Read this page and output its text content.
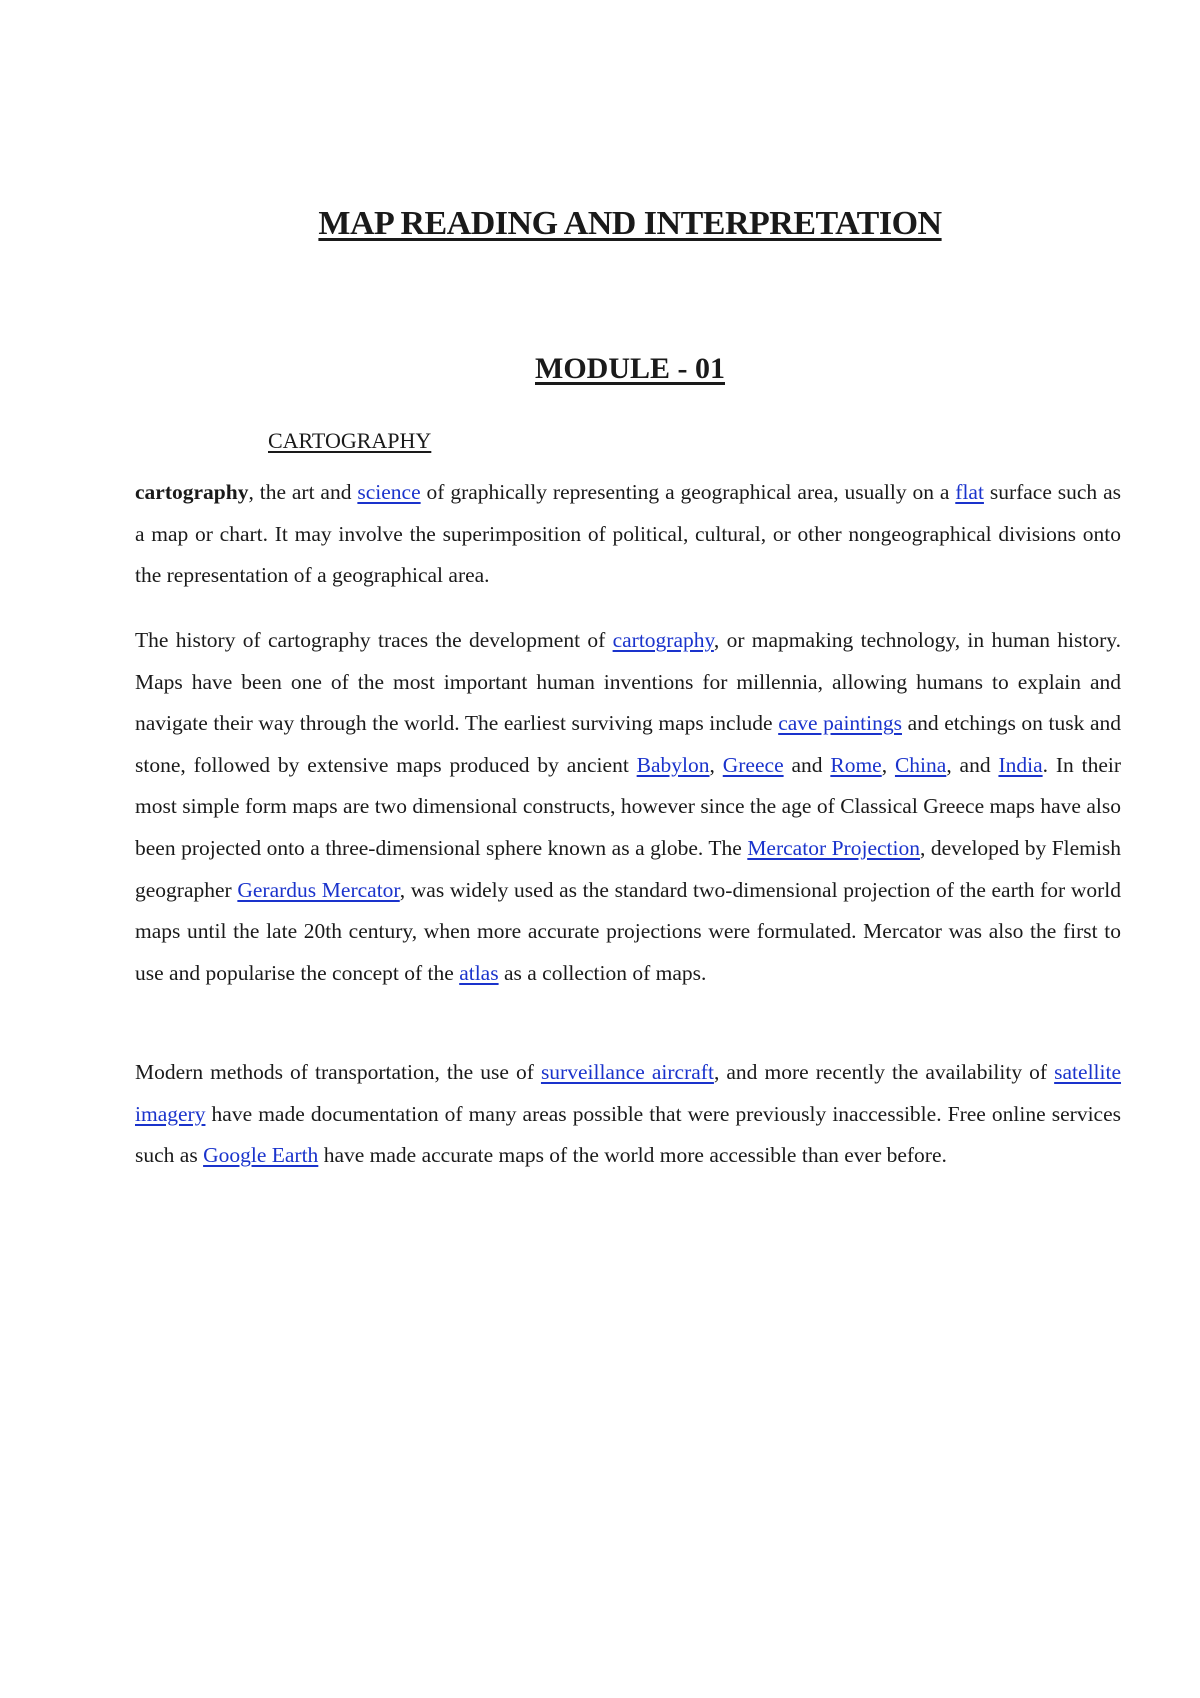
MAP READING AND INTERPRETATION
MODULE - 01
CARTOGRAPHY

cartography, the art and science of graphically representing a geographical area, usually on a flat surface such as a map or chart. It may involve the superimposition of political, cultural, or other nongeographical divisions onto the representation of a geographical area.

The history of cartography traces the development of cartography, or mapmaking technology, in human history. Maps have been one of the most important human inventions for millennia, allowing humans to explain and navigate their way through the world. The earliest surviving maps include cave paintings and etchings on tusk and stone, followed by extensive maps produced by ancient Babylon, Greece and Rome, China, and India. In their most simple form maps are two dimensional constructs, however since the age of Classical Greece maps have also been projected onto a three-dimensional sphere known as a globe. The Mercator Projection, developed by Flemish geographer Gerardus Mercator, was widely used as the standard two-dimensional projection of the earth for world maps until the late 20th century, when more accurate projections were formulated. Mercator was also the first to use and popularise the concept of the atlas as a collection of maps.

Modern methods of transportation, the use of surveillance aircraft, and more recently the availability of satellite imagery have made documentation of many areas possible that were previously inaccessible. Free online services such as Google Earth have made accurate maps of the world more accessible than ever before.
